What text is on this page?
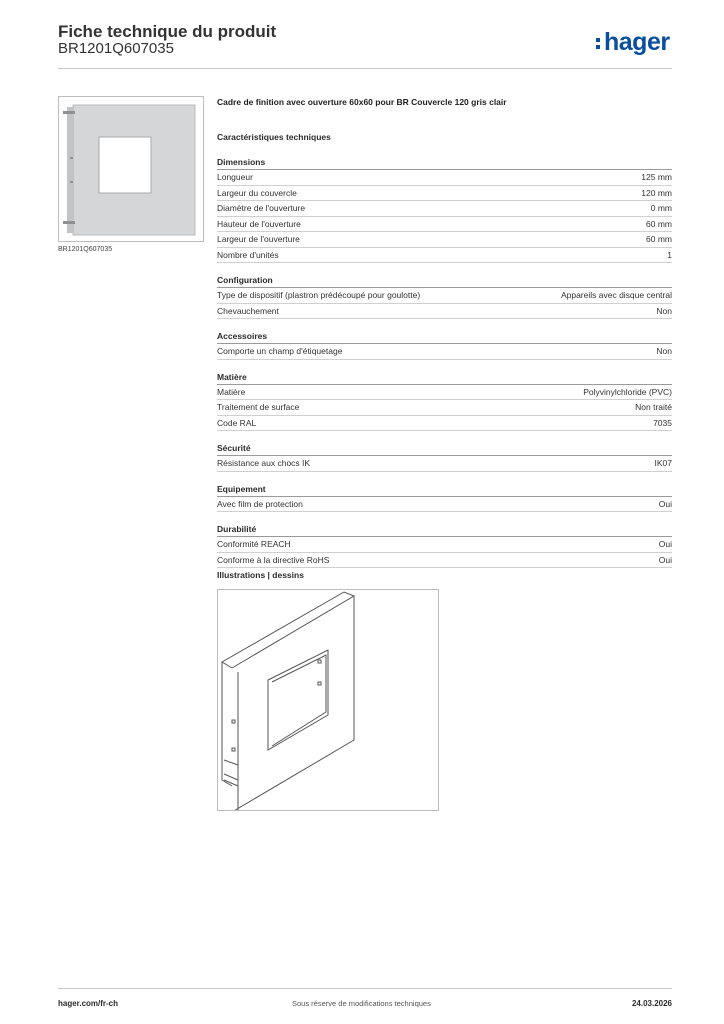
Fiche technique du produit
BR1201Q607035	hager
BR1201Q607035
Cadre de finition avec ouverture 60x60 pour BR Couvercle 120 gris clair
Caractéristiques techniques
Dimensions
Longueur	125 mm
Largeur du couvercle	120 mm
Diamètre de l'ouverture	0 mm
Hauteur de l'ouverture	60 mm
Largeur de l'ouverture	60 mm
Nombre d'unités	1
Configuration
Type de dispositif (plastron prédécoupé pour goulotte)	Appareils avec disque central
Chevauchement	Non
Accessoires
Comporte un champ d'étiquetage	Non
Matière
Matière	Polyvinylchloride (PVC)
Traitement de surface	Non traité
Code RAL	7035
Sécurité
Résistance aux chocs IK	IK07
Equipement
Avec film de protection	Oui
Durabilité
Conformité REACH	Oui
Conforme à la directive RoHS	Oui
Illustrations | dessins
hager.com/fr-ch	Sous réserve de modifications techniques	24.03.2026
